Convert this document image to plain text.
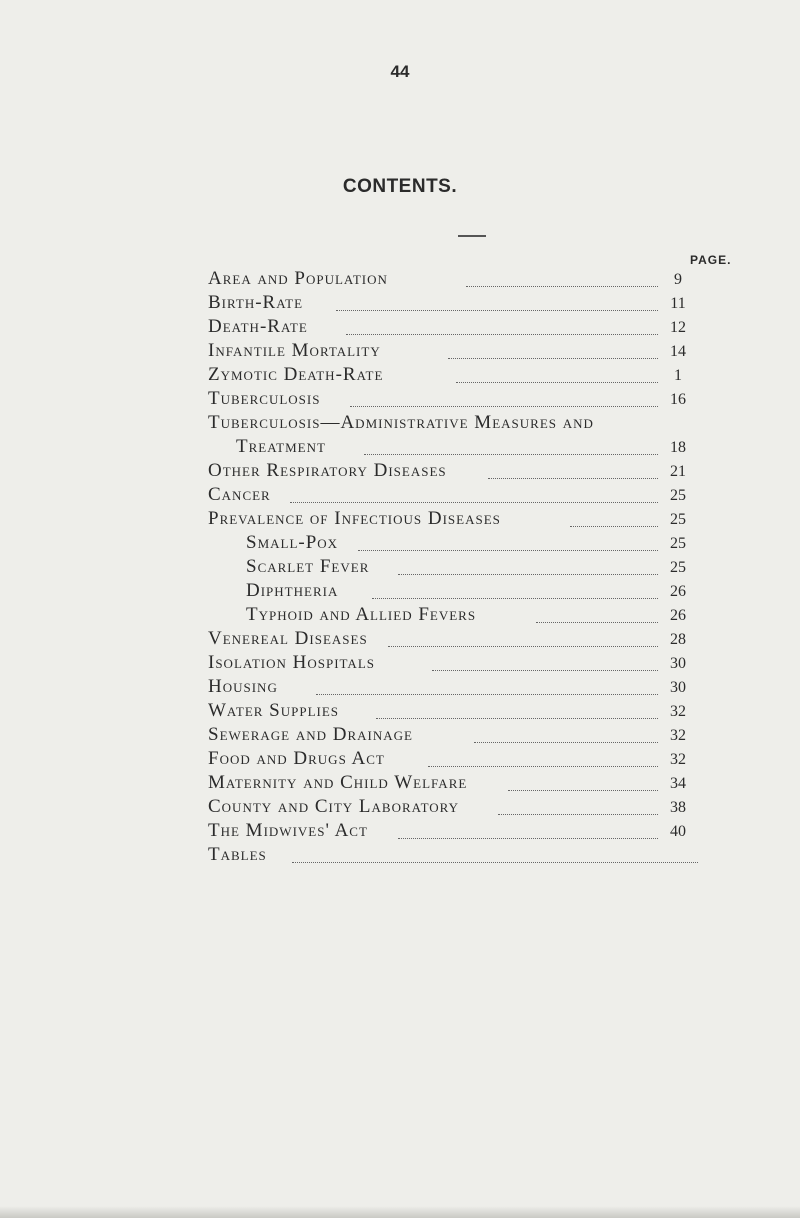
44
CONTENTS.
PAGE.
Area and Population	9
Birth-Rate	11
Death-Rate	12
Infantile Mortality	14
Zymotic Death-Rate	1
Tuberculosis	16
Tuberculosis—Administrative Measures and
Treatment	18
Other Respiratory Diseases	21
Cancer	25
Prevalence of Infectious Diseases	25
Small-Pox	25
Scarlet Fever	25
Diphtheria	26
Typhoid and Allied Fevers	26
Venereal Diseases	28
Isolation Hospitals	30
Housing	30
Water Supplies	32
Sewerage and Drainage	32
Food and Drugs Act	32
Maternity and Child Welfare	34
County and City Laboratory	38
The Midwives' Act	40
Tables
